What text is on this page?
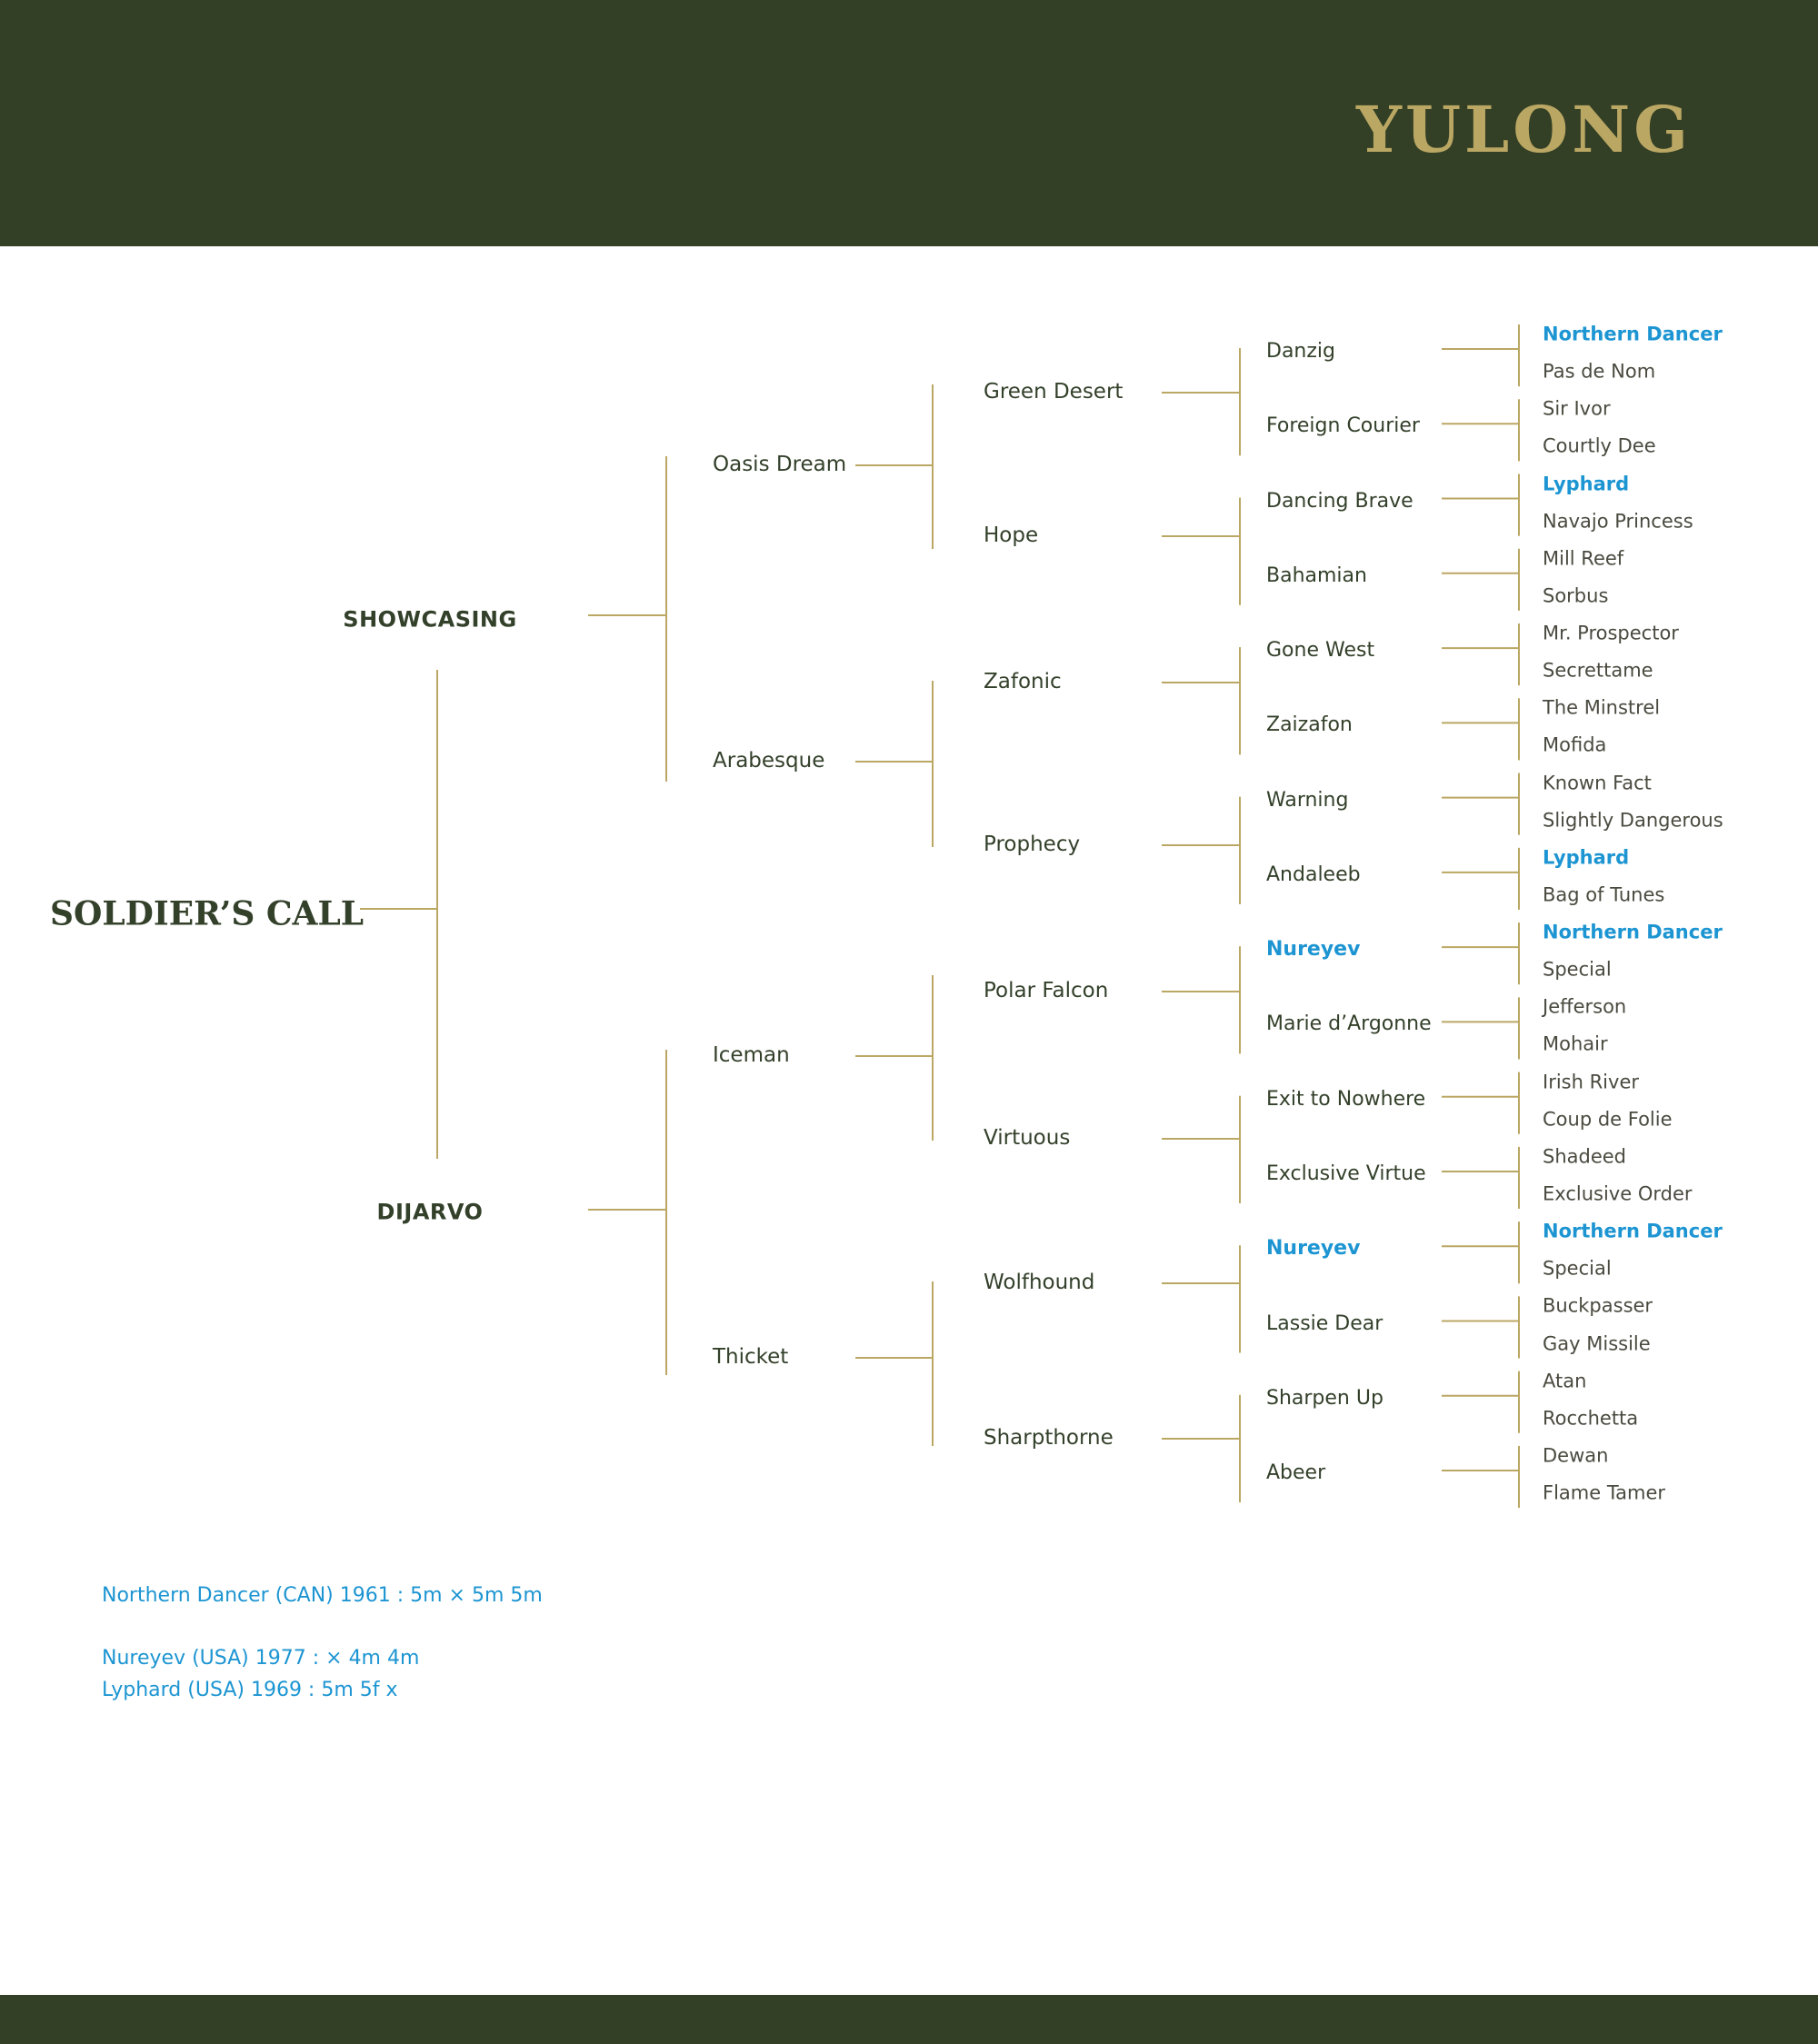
YULONG
SOLDIER’S CALL
SHOWCASING
DIJARVO
Oasis Dream
Arabesque
Iceman
Thicket
Green Desert
Hope
Zafonic
Prophecy
Polar Falcon
Virtuous
Wolfhound
Sharpthorne
Danzig
Foreign Courier
Dancing Brave
Bahamian
Gone West
Zaizafon
Warning
Andaleeb
Nureyev
Marie d’Argonne
Exit to Nowhere
Exclusive Virtue
Nureyev
Lassie Dear
Sharpen Up
Abeer
Northern Dancer
Pas de Nom
Sir Ivor
Courtly Dee
Lyphard
Navajo Princess
Mill Reef
Sorbus
Mr. Prospector
Secrettame
The Minstrel
Mofida
Known Fact
Slightly Dangerous
Lyphard
Bag of Tunes
Northern Dancer
Special
Jefferson
Mohair
Irish River
Coup de Folie
Shadeed
Exclusive Order
Northern Dancer
Special
Buckpasser
Gay Missile
Atan
Rocchetta
Dewan
Flame Tamer
Northern Dancer (CAN) 1961 : 5m × 5m 5m
Nureyev (USA) 1977 : × 4m 4m
Lyphard (USA) 1969 : 5m 5f x
